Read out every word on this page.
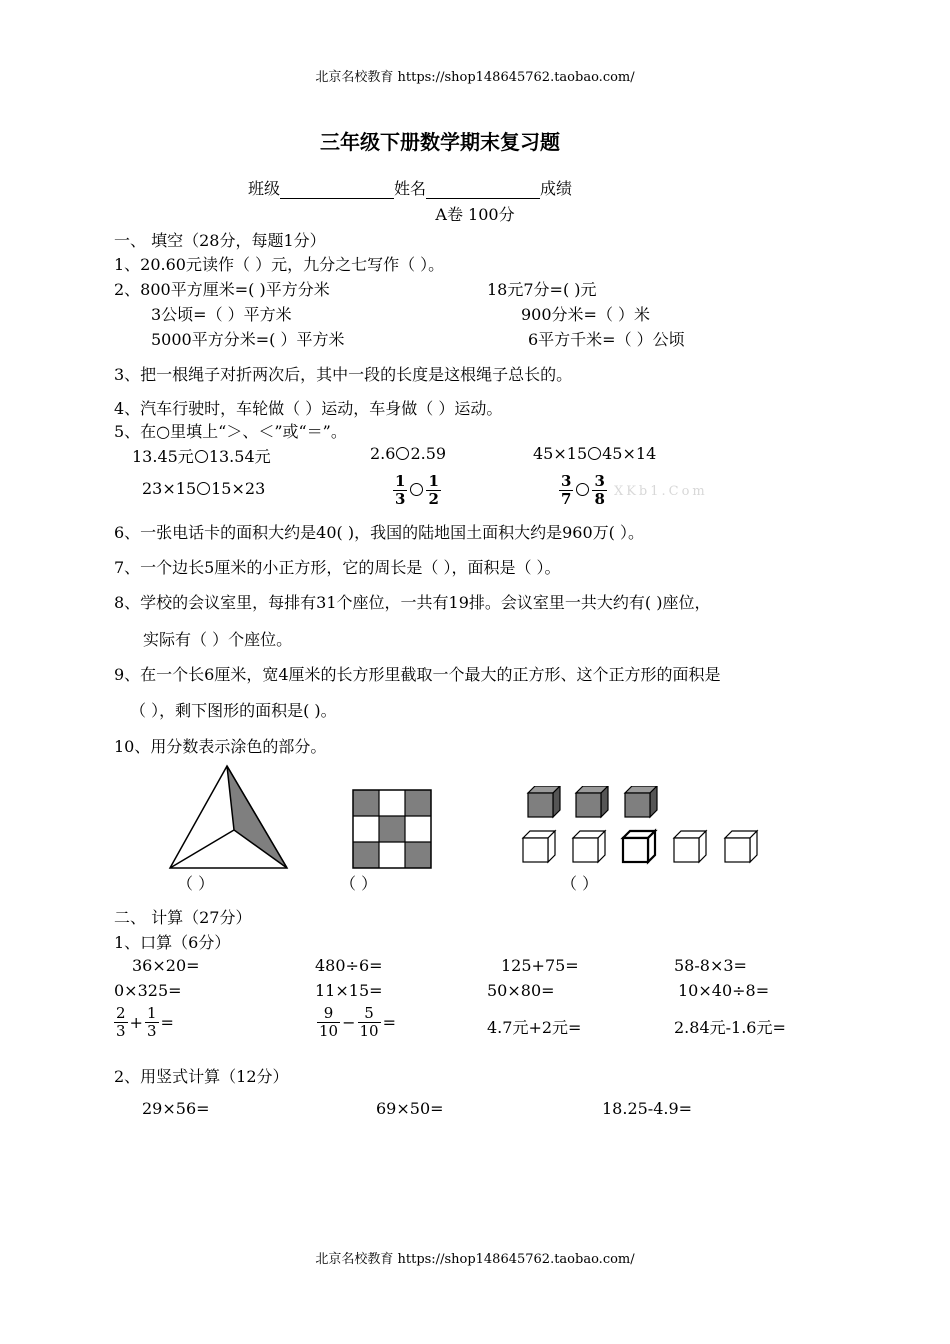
北京名校教育 https://shop148645762.taobao.com/
三年级下册数学期末复习题
班级	姓名	成绩
A卷 100分
一、 填空（28分，每题1分）
1、20.60元读作（ ）元，九分之七写作（ ）。
2、800平方厘米=( )平方分米	18元7分=( )元
3公顷=（ ）平方米	900分米=（ ）米
5000平方分米=( ）平方米	6平方千米=（ ）公顷
3、把一根绳子对折两次后，其中一段的长度是这根绳子总长的。
4、汽车行驶时，车轮做（ ）运动，车身做（ ）运动。
5、在○里填上“＞、＜”或“＝”。
13.45元 13.54元	2.6 2.59	45×15 45×14
23×15 15×23	$\frac{1}{3} \frac{1}{2}$	$\frac{3}{7} \frac{3}{8} XKb1.Com$
6、一张电话卡的面积大约是40( )，我国的陆地国土面积大约是960万( ）。
7、一个边长5厘米的小正方形，它的周长是（ ），面积是（ ）。
8、学校的会议室里，每排有31个座位，一共有19排。会议室里一共大约有( )座位，
实际有（ ）个座位。
9、在一个长6厘米，宽4厘米的长方形里截取一个最大的正方形、这个正方形的面积是
（ ），剩下图形的面积是( )。
10、用分数表示涂色的部分。
（ ）	（ ）	（ ）
二、 计算（27分）
1、口算（6分）
36×20=	480÷6=	125+75=	58-8×3=
0×325=	11×15=	50×80=	10×40÷8=
$\frac{2}{3} + \frac{1}{3}$ =	$\frac{9}{10} - \frac{5}{10}$ =	4.7元+2元=	2.84元-1.6元=
2、用竖式计算（12分）
29×56=	69×50=	18.25-4.9=
北京名校教育 https://shop148645762.taobao.com/
